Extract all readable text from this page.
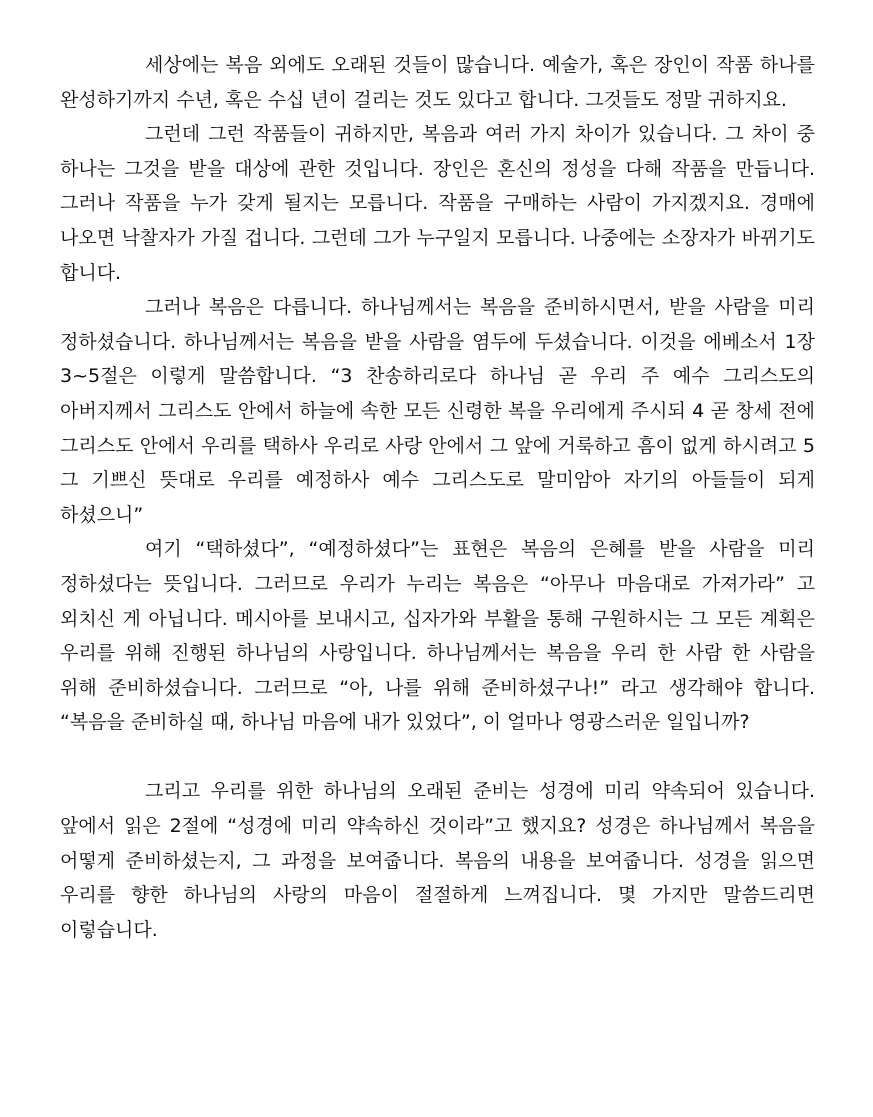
세상에는 복음 외에도 오래된 것들이 많습니다. 예술가, 혹은 장인이 작품 하나를 완성하기까지 수년, 혹은 수십 년이 걸리는 것도 있다고 합니다. 그것들도 정말 귀하지요.

그런데 그런 작품들이 귀하지만, 복음과 여러 가지 차이가 있습니다. 그 차이 중 하나는 그것을 받을 대상에 관한 것입니다. 장인은 혼신의 정성을 다해 작품을 만듭니다. 그러나 작품을 누가 갖게 될지는 모릅니다. 작품을 구매하는 사람이 가지겠지요. 경매에 나오면 낙찰자가 가질 겁니다. 그런데 그가 누구일지 모릅니다. 나중에는 소장자가 바뀌기도 합니다.

그러나 복음은 다릅니다. 하나님께서는 복음을 준비하시면서, 받을 사람을 미리 정하셨습니다. 하나님께서는 복음을 받을 사람을 염두에 두셨습니다. 이것을 에베소서 1장 3~5절은 이렇게 말씀합니다. “3 찬송하리로다 하나님 곧 우리 주 예수 그리스도의 아버지께서 그리스도 안에서 하늘에 속한 모든 신령한 복을 우리에게 주시되 4 곧 창세 전에 그리스도 안에서 우리를 택하사 우리로 사랑 안에서 그 앞에 거룩하고 흠이 없게 하시려고 5 그 기쁘신 뜻대로 우리를 예정하사 예수 그리스도로 말미암아 자기의 아들들이 되게 하셨으니”

여기 “택하셨다”, “예정하셨다”는 표현은 복음의 은혜를 받을 사람을 미리 정하셨다는 뜻입니다. 그러므로 우리가 누리는 복음은 “아무나 마음대로 가져가라” 고 외치신 게 아닙니다. 메시아를 보내시고, 십자가와 부활을 통해 구원하시는 그 모든 계획은 우리를 위해 진행된 하나님의 사랑입니다. 하나님께서는 복음을 우리 한 사람 한 사람을 위해 준비하셨습니다. 그러므로 “아, 나를 위해 준비하셨구나!” 라고 생각해야 합니다. “복음을 준비하실 때, 하나님 마음에 내가 있었다”, 이 얼마나 영광스러운 일입니까?

그리고 우리를 위한 하나님의 오래된 준비는 성경에 미리 약속되어 있습니다. 앞에서 읽은 2절에 “성경에 미리 약속하신 것이라”고 했지요? 성경은 하나님께서 복음을 어떻게 준비하셨는지, 그 과정을 보여줍니다. 복음의 내용을 보여줍니다. 성경을 읽으면 우리를 향한 하나님의 사랑의 마음이 절절하게 느껴집니다. 몇 가지만 말씀드리면 이렇습니다.
